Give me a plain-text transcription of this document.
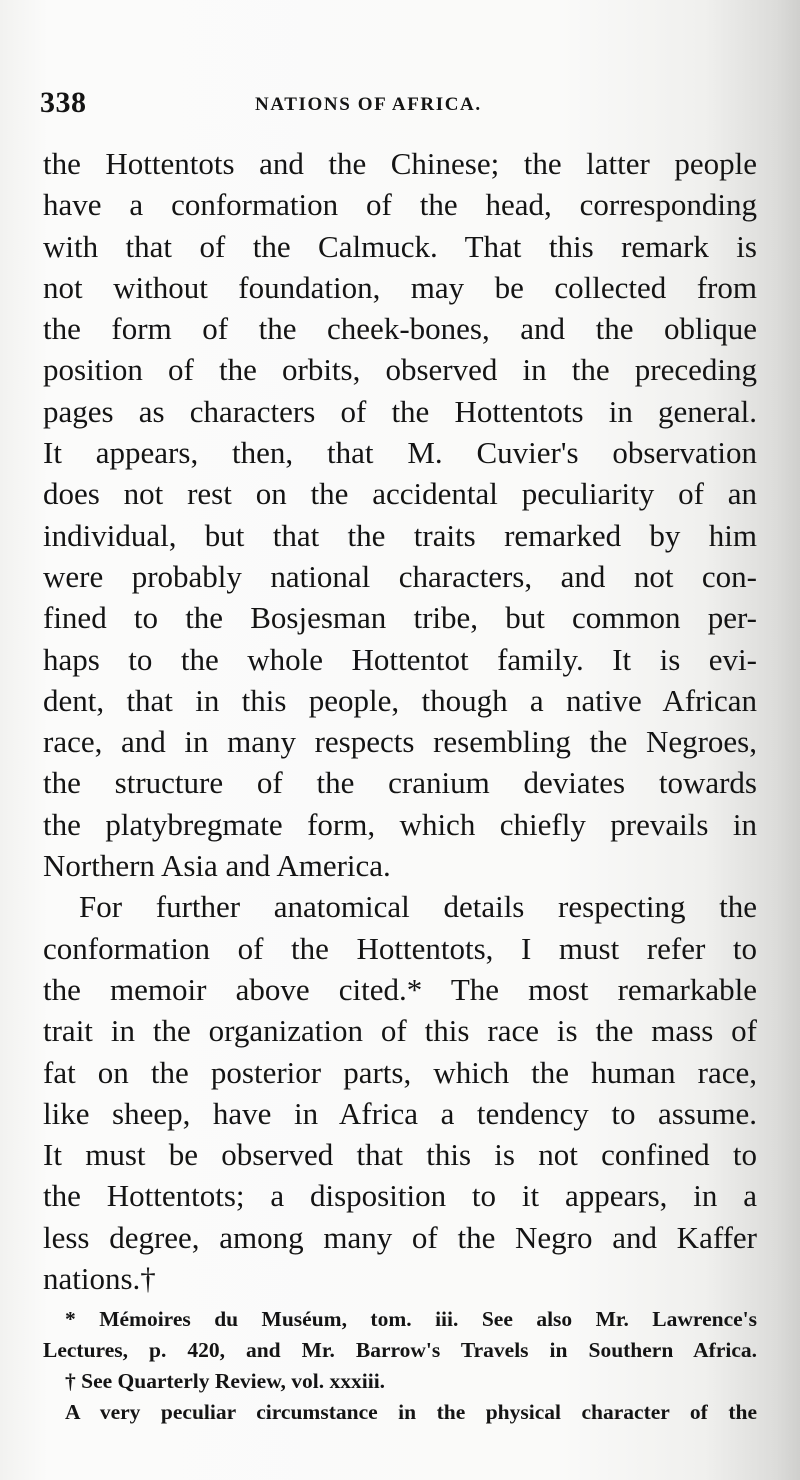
338	NATIONS OF AFRICA.
the Hottentots and the Chinese; the latter people
have a conformation of the head, corresponding
with that of the Calmuck. That this remark is
not without foundation, may be collected from
the form of the cheek-bones, and the oblique
position of the orbits, observed in the preceding
pages as characters of the Hottentots in general.
It appears, then, that M. Cuvier's observation
does not rest on the accidental peculiarity of an
individual, but that the traits remarked by him
were probably national characters, and not con-
fined to the Bosjesman tribe, but common per-
haps to the whole Hottentot family. It is evi-
dent, that in this people, though a native African
race, and in many respects resembling the Negroes,
the structure of the cranium deviates towards
the platybregmate form, which chiefly prevails in
Northern Asia and America.
For further anatomical details respecting the
conformation of the Hottentots, I must refer to
the memoir above cited.* The most remarkable
trait in the organization of this race is the mass of
fat on the posterior parts, which the human race,
like sheep, have in Africa a tendency to assume.
It must be observed that this is not confined to
the Hottentots; a disposition to it appears, in a
less degree, among many of the Negro and Kaffer
nations.†
* Mémoires du Muséum, tom. iii. See also Mr. Lawrence's
Lectures, p. 420, and Mr. Barrow's Travels in Southern Africa.
† See Quarterly Review, vol. xxxiii.
A very peculiar circumstance in the physical character of the
